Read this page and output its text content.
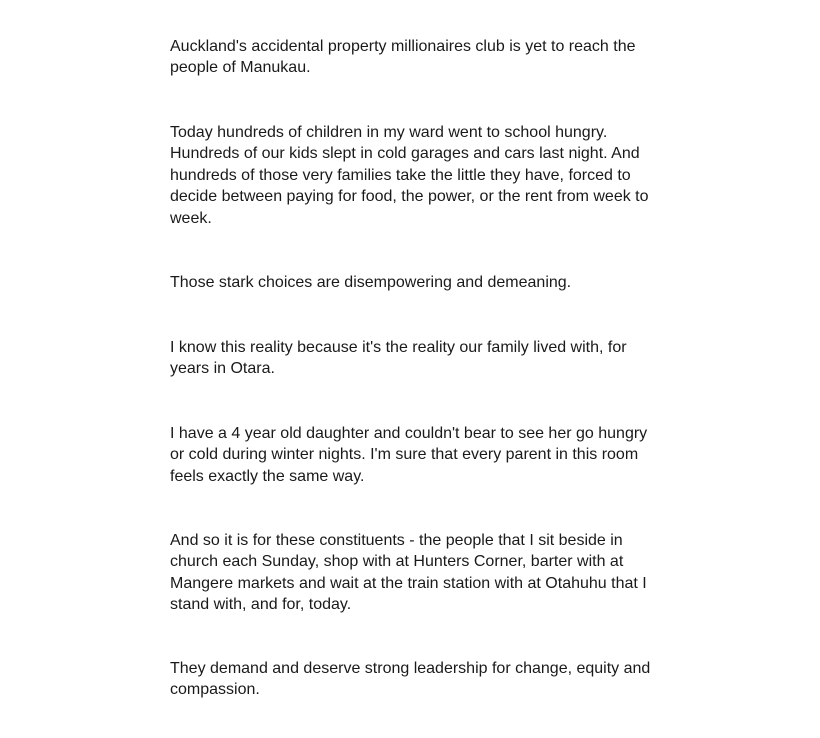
Auckland's accidental property millionaires club is yet to reach the
people of Manukau.

Today hundreds of children in my ward went to school hungry.
Hundreds of our kids slept in cold garages and cars last night. And
hundreds of those very families take the little they have, forced to
decide between paying for food, the power, or the rent from week to
week.

Those stark choices are disempowering and demeaning.

I know this reality because it's the reality our family lived with, for
years in Otara.

I have a 4 year old daughter and couldn't bear to see her go hungry
or cold during winter nights. I'm sure that every parent in this room
feels exactly the same way.

And so it is for these constituents - the people that I sit beside in
church each Sunday, shop with at Hunters Corner, barter with at
Mangere markets and wait at the train station with at Otahuhu that I
stand with, and for, today.

They demand and deserve strong leadership for change, equity and
compassion.
